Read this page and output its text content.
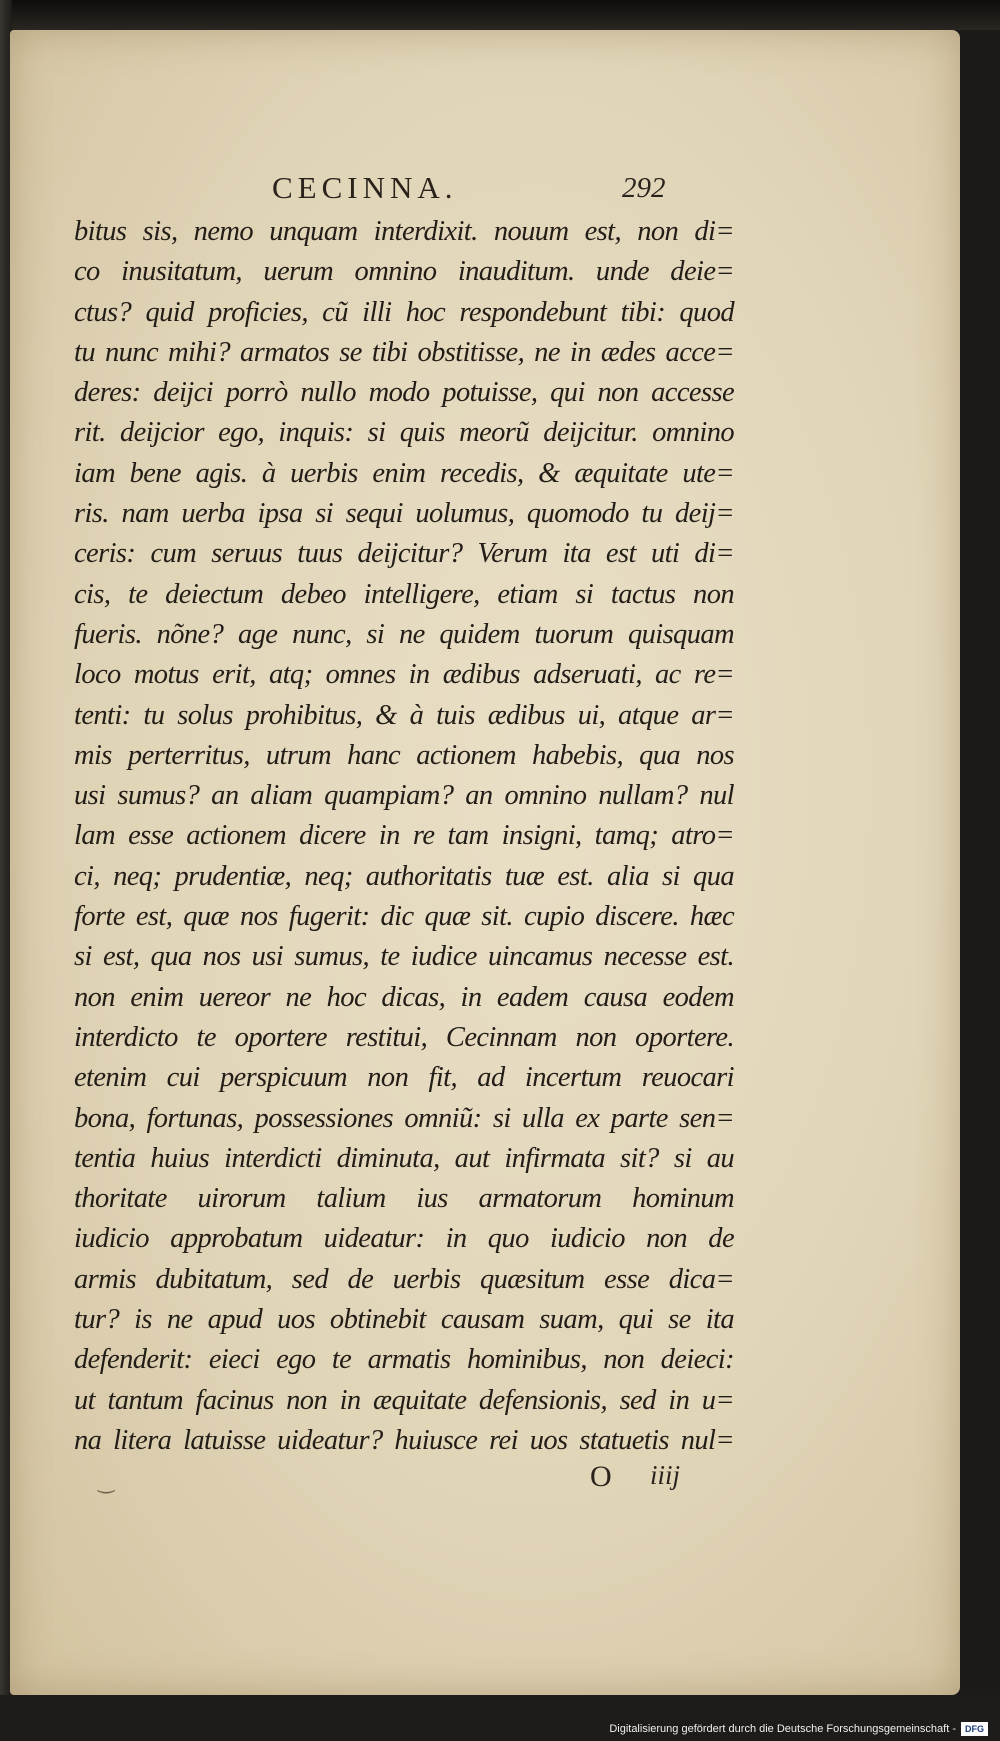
CECINNA.	292
bitus sis, nemo unquam interdixit. nouum est, non di=
co inusitatum, uerum omnino inauditum. unde deie=
ctus? quid proficies, cũ illi hoc respondebunt tibi: quod
tu nunc mihi? armatos se tibi obstitisse, ne in ædes acce=
deres: deijci porrò nullo modo potuisse, qui non accesse
rit. deijcior ego, inquis: si quis meorũ deijcitur. omnino
iam bene agis. à uerbis enim recedis, & æquitate ute=
ris. nam uerba ipsa si sequi uolumus, quomodo tu deij=
ceris: cum seruus tuus deijcitur? Verum ita est uti di=
cis, te deiectum debeo intelligere, etiam si tactus non
fueris. nõne? age nunc, si ne quidem tuorum quisquam
loco motus erit, atq; omnes in ædibus adseruati, ac re=
tenti: tu solus prohibitus, & à tuis ædibus ui, atque ar=
mis perterritus, utrum hanc actionem habebis, qua nos
usi sumus? an aliam quampiam? an omnino nullam? nul
lam esse actionem dicere in re tam insigni, tamq; atro=
ci, neq; prudentiæ, neq; authoritatis tuæ est. alia si qua
forte est, quæ nos fugerit: dic quæ sit. cupio discere. hæc
si est, qua nos usi sumus, te iudice uincamus necesse est.
non enim uereor ne hoc dicas, in eadem causa eodem
interdicto te oportere restitui, Cecinnam non oportere.
etenim cui perspicuum non fit, ad incertum reuocari
bona, fortunas, possessiones omniũ: si ulla ex parte sen=
tentia huius interdicti diminuta, aut infirmata sit? si au
thoritate uirorum talium ius armatorum hominum
iudicio approbatum uideatur: in quo iudicio non de
armis dubitatum, sed de uerbis quæsitum esse dica=
tur? is ne apud uos obtinebit causam suam, qui se ita
defenderit: eieci ego te armatis hominibus, non deieci:
ut tantum facinus non in æquitate defensionis, sed in u=
na litera latuisse uideatur? huiusce rei uos statuetis nul=
‿	O iiij
Digitalisierung gefördert durch die Deutsche Forschungsgemeinschaft -	DFG
